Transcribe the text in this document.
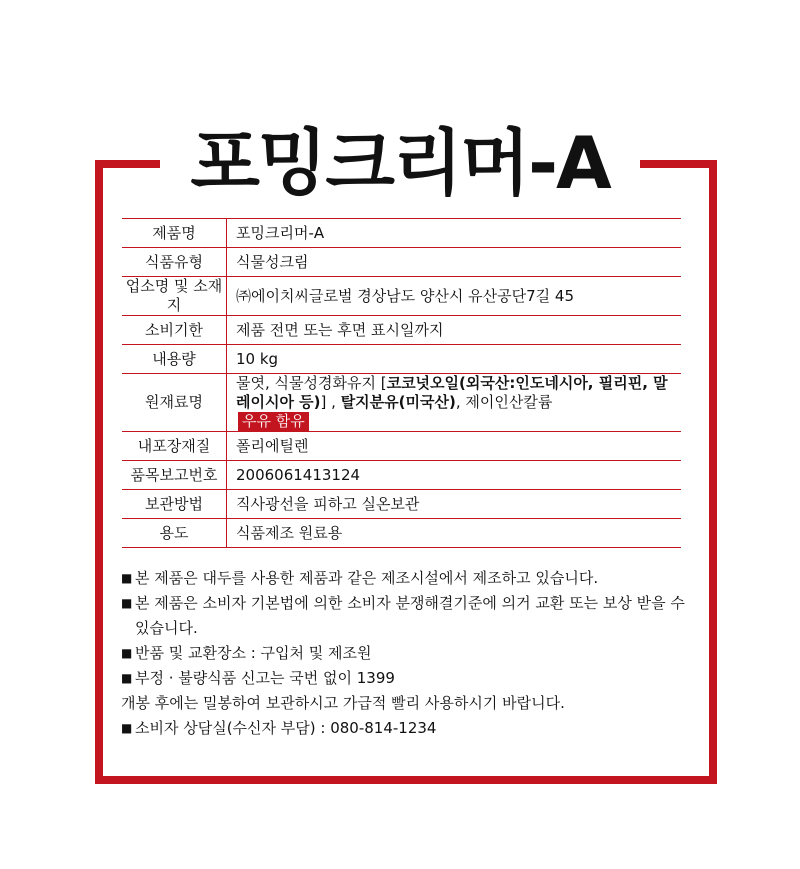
포밍크리머-A
제품명	포밍크리머-A
식품유형	식물성크림
업소명 및 소재지	㈜에이치씨글로벌 경상남도 양산시 유산공단7길 45
소비기한	제품 전면 또는 후면 표시일까지
내용량	10 kg
원재료명	물엿, 식물성경화유지 [코코넛오일(외국산:인도네시아, 필리핀, 말레이시아 등)] , 탈지분유(미국산), 제이인산칼륨
우유 함유
내포장재질	폴리에틸렌
품목보고번호	2006061413124
보관방법	직사광선을 피하고 실온보관
용도	식품제조 원료용
■ 본 제품은 대두를 사용한 제품과 같은 제조시설에서 제조하고 있습니다.
■ 본 제품은 소비자 기본법에 의한 소비자 분쟁해결기준에 의거 교환 또는 보상 받을 수 있습니다.
■ 반품 및 교환장소 : 구입처 및 제조원
■ 부정 · 불량식품 신고는 국번 없이 1399
개봉 후에는 밀봉하여 보관하시고 가급적 빨리 사용하시기 바랍니다.
■ 소비자 상담실(수신자 부담) : 080-814-1234
